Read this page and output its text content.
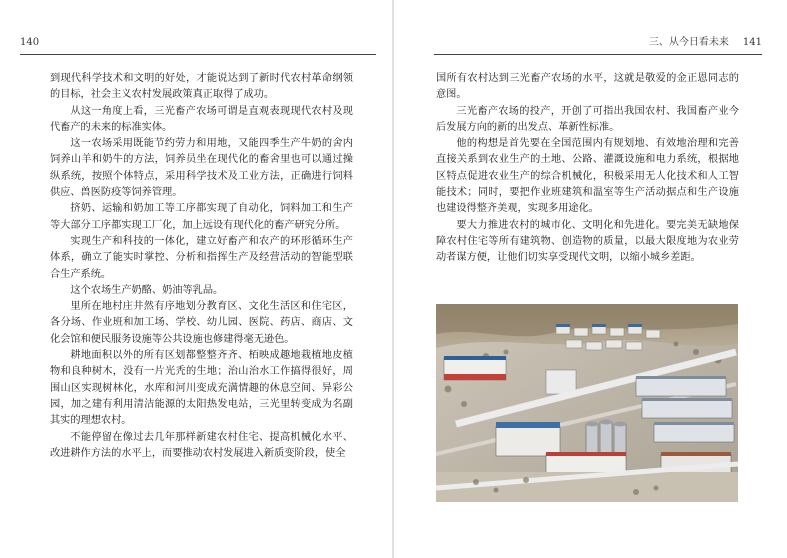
140	三、从今日看未来 141

到现代科学技术和文明的好处，才能说达到了新时代农村革命纲领的目标，社会主义农村发展政策真正取得了成功。

从这一角度上看，三光畜产农场可谓是直观表现现代农村及现代畜产的未来的标准实体。

这一农场采用既能节约劳力和用地，又能四季生产牛奶的舍内饲养山羊和奶牛的方法，饲养员坐在现代化的畜舍里也可以通过操纵系统，按照个体特点，采用科学技术及工业方法，正确进行饲料供应、兽医防疫等饲养管理。

挤奶、运输和奶加工等工序都实现了自动化，饲料加工和生产等大部分工序都实现工厂化，加上远设有现代化的畜产研究分所。

实现生产和科技的一体化，建立好畜产和农产的环形循环生产体系，确立了能实时掌控、分析和指挥生产及经营活动的智能型联合生产系统。

这个农场生产奶酪、奶油等乳品。

里所在地村庄井然有序地划分教育区、文化生活区和住宅区，各分场、作业班和加工场、学校、幼儿园、医院、药店、商店、文化会馆和便民服务设施等公共设施也修建得毫无逊色。

耕地面积以外的所有区划都整整齐齐、栢映成趣地栽植地皮植物和良种树木，没有一片光秃的生地；治山治水工作搞得很好，周围山区实现树林化，水库和河川变成充满情趣的休息空间、异彩公园，加之建有利用清洁能源的太阳热发电站，三光里转变成为名副其实的理想农村。

不能停留在像过去几年那样新建农村住宅、提高机械化水平、改进耕作方法的水平上，而要推动农村发展进入新质变阶段，使全

国所有农村达到三光畜产农场的水平，这就是敬爱的金正恩同志的意图。

三光畜产农场的投产，开创了可指出我国农村、我国畜产业今后发展方向的新的出发点、革新性标准。

他的构想是首先要在全国范围内有规划地、有效地治理和完善直接关系到农业生产的土地、公路、灌溉设施和电力系统，根据地区特点促进农业生产的综合机械化，积极采用无人化技术和人工智能技术；同时，要把作业班建筑和温室等生产活动据点和生产设施也建设得整齐美观，实现多用途化。

要大力推进农村的城市化、文明化和先进化。要完美无缺地保障农村住宅等所有建筑物、创造物的质量，以最大限度地为农业劳动者谋方便，让他们切实享受现代文明，以缩小城乡差距。
